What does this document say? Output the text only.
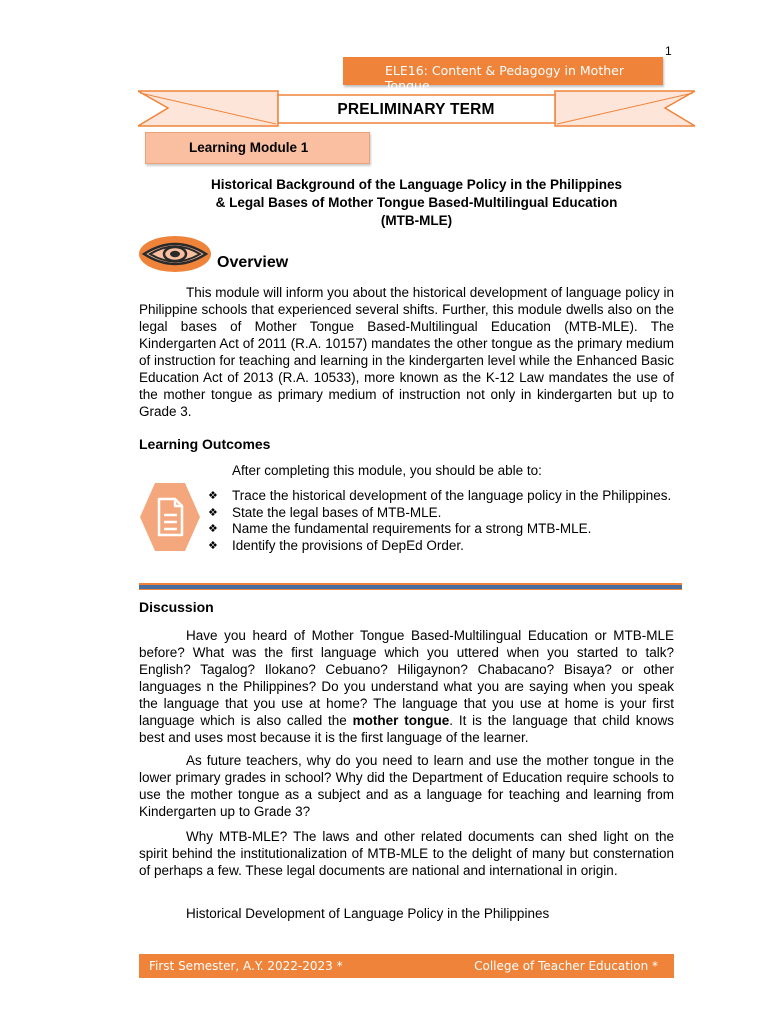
1
ELE16: Content & Pedagogy in Mother Tongue
PRELIMINARY TERM
Learning Module 1
Historical Background of the Language Policy in the Philippines
& Legal Bases of Mother Tongue Based-Multilingual Education
(MTB-MLE)
Overview

This module will inform you about the historical development of language policy in Philippine schools that experienced several shifts. Further, this module dwells also on the legal bases of Mother Tongue Based-Multilingual Education (MTB-MLE). The Kindergarten Act of 2011 (R.A. 10157) mandates the other tongue as the primary medium of instruction for teaching and learning in the kindergarten level while the Enhanced Basic Education Act of 2013 (R.A. 10533), more known as the K-12 Law mandates the use of the mother tongue as primary medium of instruction not only in kindergarten but up to Grade 3.

Learning Outcomes
After completing this module, you should be able to:
❖ Trace the historical development of the language policy in the Philippines.
❖ State the legal bases of MTB-MLE.
❖ Name the fundamental requirements for a strong MTB-MLE.
❖ Identify the provisions of DepEd Order.
Discussion

Have you heard of Mother Tongue Based-Multilingual Education or MTB-MLE before? What was the first language which you uttered when you started to talk? English? Tagalog? Ilokano? Cebuano? Hiligaynon? Chabacano? Bisaya? or other languages n the Philippines? Do you understand what you are saying when you speak the language that you use at home? The language that you use at home is your first language which is also called the mother tongue. It is the language that child knows best and uses most because it is the first language of the learner.

As future teachers, why do you need to learn and use the mother tongue in the lower primary grades in school? Why did the Department of Education require schools to use the mother tongue as a subject and as a language for teaching and learning from Kindergarten up to Grade 3?

Why MTB-MLE? The laws and other related documents can shed light on the spirit behind the institutionalization of MTB-MLE to the delight of many but consternation of perhaps a few. These legal documents are national and international in origin.

Historical Development of Language Policy in the Philippines

First Semester, A.Y. 2022-2023 *	College of Teacher Education *
